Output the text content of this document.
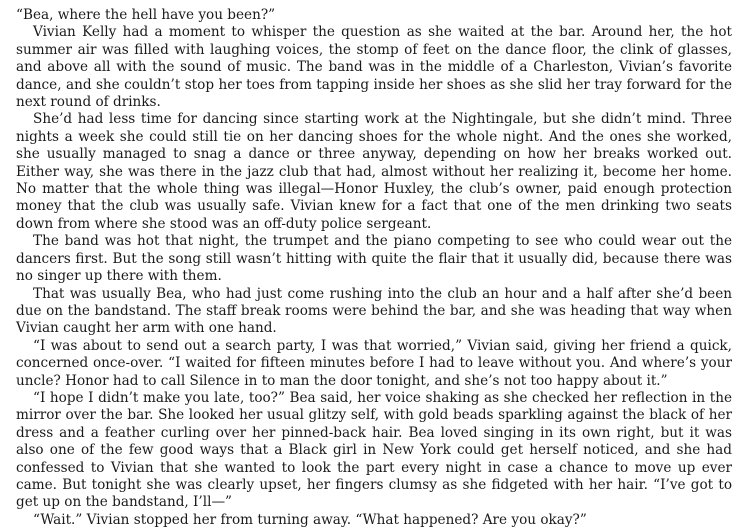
“Bea, where the hell have you been?”

Vivian Kelly had a moment to whisper the question as she waited at the bar. Around her, the hot summer air was filled with laughing voices, the stomp of feet on the dance floor, the clink of glasses, and above all with the sound of music. The band was in the middle of a Charleston, Vivian’s favorite dance, and she couldn’t stop her toes from tapping inside her shoes as she slid her tray forward for the next round of drinks.

She’d had less time for dancing since starting work at the Nightingale, but she didn’t mind. Three nights a week she could still tie on her dancing shoes for the whole night. And the ones she worked, she usually managed to snag a dance or three anyway, depending on how her breaks worked out. Either way, she was there in the jazz club that had, almost without her realizing it, become her home. No matter that the whole thing was illegal—Honor Huxley, the club’s owner, paid enough protection money that the club was usually safe. Vivian knew for a fact that one of the men drinking two seats down from where she stood was an off-duty police sergeant.

The band was hot that night, the trumpet and the piano competing to see who could wear out the dancers first. But the song still wasn’t hitting with quite the flair that it usually did, because there was no singer up there with them.

That was usually Bea, who had just come rushing into the club an hour and a half after she’d been due on the bandstand. The staff break rooms were behind the bar, and she was heading that way when Vivian caught her arm with one hand.

“I was about to send out a search party, I was that worried,” Vivian said, giving her friend a quick, concerned once-over. “I waited for fifteen minutes before I had to leave without you. And where’s your uncle? Honor had to call Silence in to man the door tonight, and she’s not too happy about it.”

“I hope I didn’t make you late, too?” Bea said, her voice shaking as she checked her reflection in the mirror over the bar. She looked her usual glitzy self, with gold beads sparkling against the black of her dress and a feather curling over her pinned-back hair. Bea loved singing in its own right, but it was also one of the few good ways that a Black girl in New York could get herself noticed, and she had confessed to Vivian that she wanted to look the part every night in case a chance to move up ever came. But tonight she was clearly upset, her fingers clumsy as she fidgeted with her hair. “I’ve got to get up on the bandstand, I’ll—”

“Wait.” Vivian stopped her from turning away. “What happened? Are you okay?”
